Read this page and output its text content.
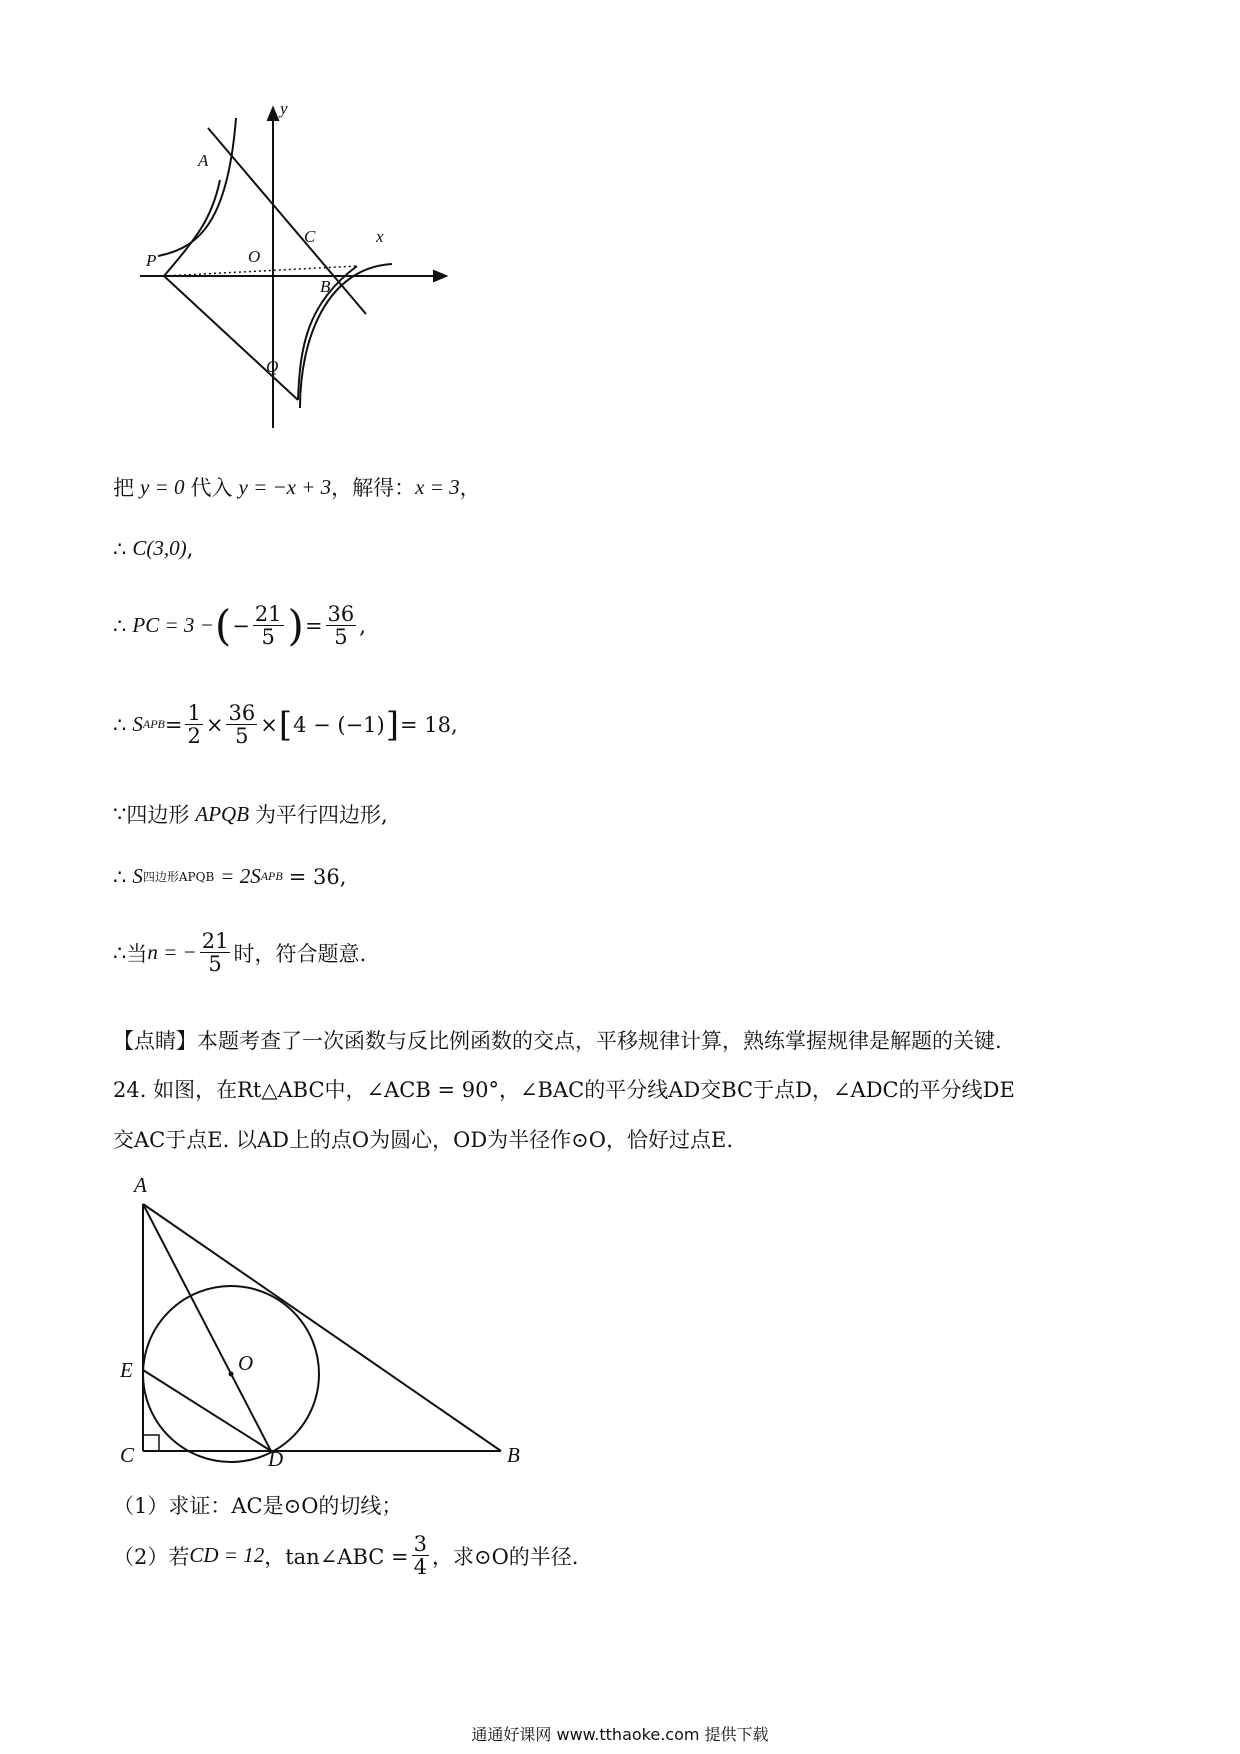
y
x
A
C
P	O
B
Q
把 y = 0 代入 y = −x + 3 ，解得： x = 3 ，
∴ C(3,0) ,
∴ PC = 3 − ( − $\frac{21}{5}$ ) = $\frac{36}{5}$ ,
∴ S APB = $\frac{1}{2} \times \frac{36}{5}$ × [ 4 − (−1) ] = 18 ,
∵ 四边形 APQB 为平行四边形,
∴ S 四边形APQB = 2S APB = 36 ,
∴ 当 n = − $\frac{21}{5}$ 时，符合题意.
【点睛】本题考查了一次函数与反比例函数的交点，平移规律计算，熟练掌握规律是解题的关键.
24. 如图，在Rt△ABC中，∠ACB = 90°，∠BAC的平分线AD交BC于点D，∠ADC的平分线DE
交AC于点E. 以AD上的点O为圆心，OD为半径作⊙O，恰好过点E.
A
O
E
C	D	B
（1）求证：AC是⊙O的切线；
（2）若 CD = 12 ，tan∠ABC = $\frac{3}{4}$ ，求⊙O的半径.
通通好课网 www.tthaoke.com 提供下载
